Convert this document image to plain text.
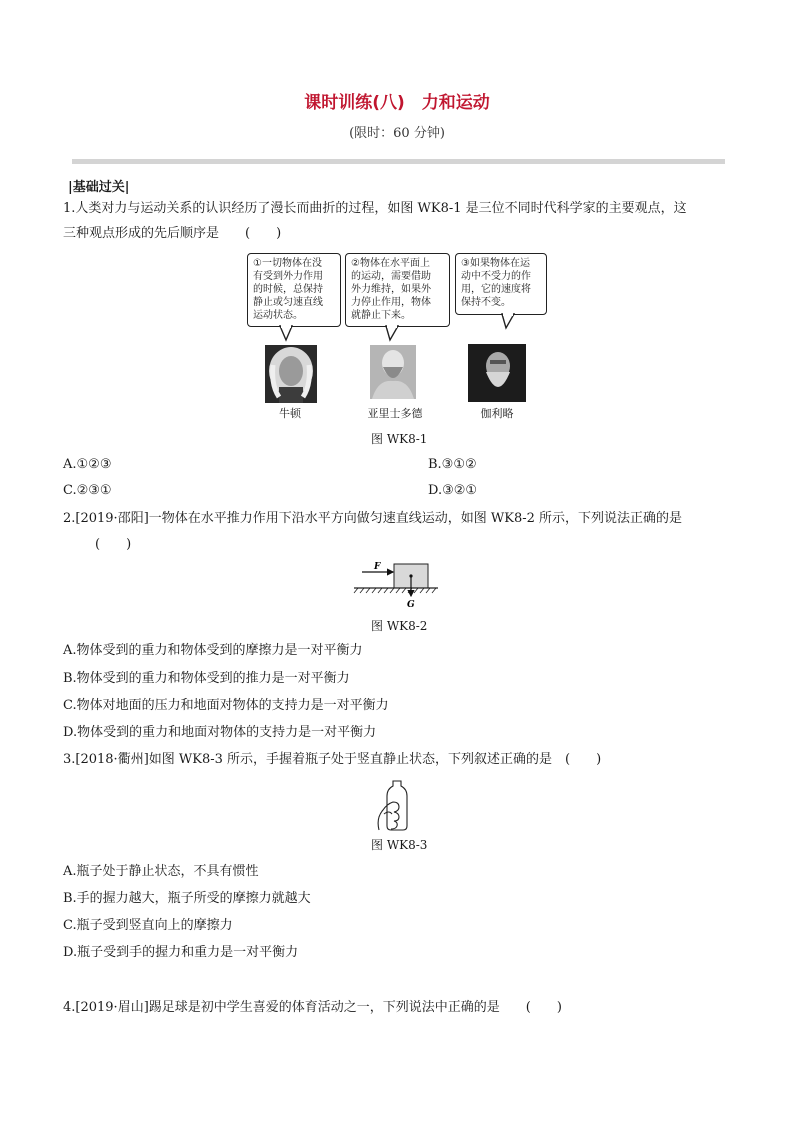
课时训练(八)　力和运动
(限时：60 分钟)
|基础过关|
1.人类对力与运动关系的认识经历了漫长而曲折的过程，如图 WK8-1 是三位不同时代科学家的主要观点，这
三种观点形成的先后顺序是　　(　　)
①一切物体在没
有受到外力作用
的时候，总保持
静止或匀速直线
运动状态。
②物体在水平面上
的运动，需要借助
外力维持，如果外
力停止作用，物体
就静止下来。
③如果物体在运
动中不受力的作
用，它的速度将
保持不变。
牛顿	亚里士多德	伽利略
图 WK8-1
A.①②③	B.③①②
C.②③①	D.③②①
2.[2019·邵阳]一物体在水平推力作用下沿水平方向做匀速直线运动，如图 WK8-2 所示，下列说法正确的是
(　　)
F
G
图 WK8-2
A.物体受到的重力和物体受到的摩擦力是一对平衡力
B.物体受到的重力和物体受到的推力是一对平衡力
C.物体对地面的压力和地面对物体的支持力是一对平衡力
D.物体受到的重力和地面对物体的支持力是一对平衡力
3.[2018·衢州]如图 WK8-3 所示，手握着瓶子处于竖直静止状态，下列叙述正确的是　(　　)
图 WK8-3
A.瓶子处于静止状态，不具有惯性
B.手的握力越大，瓶子所受的摩擦力就越大
C.瓶子受到竖直向上的摩擦力
D.瓶子受到手的握力和重力是一对平衡力
4.[2019·眉山]踢足球是初中学生喜爱的体育活动之一，下列说法中正确的是　　(　　)
